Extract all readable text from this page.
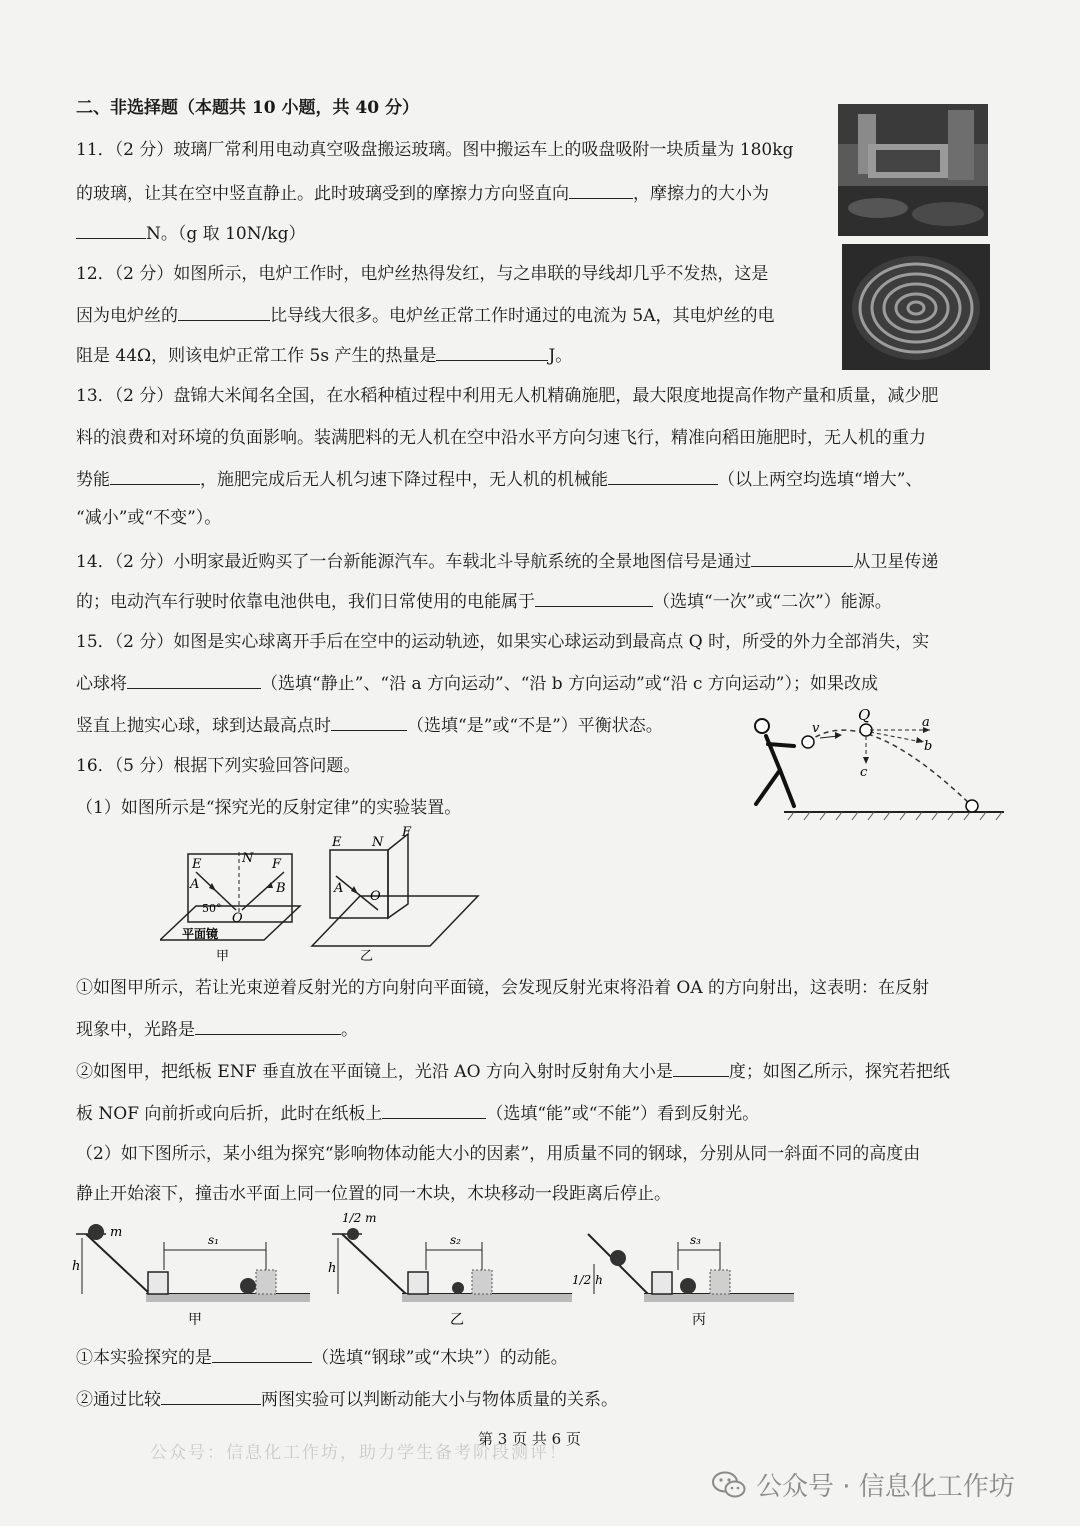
二、非选择题（本题共 10 小题，共 40 分）
11．（2 分）玻璃厂常利用电动真空吸盘搬运玻璃。图中搬运车上的吸盘吸附一块质量为 180kg
的玻璃，让其在空中竖直静止。此时玻璃受到的摩擦力方向竖直向	，摩擦力的大小为
N。（g 取 10N/kg）
12．（2 分）如图所示，电炉工作时，电炉丝热得发红，与之串联的导线却几乎不发热，这是
因为电炉丝的	比导线大很多。电炉丝正常工作时通过的电流为 5A，其电炉丝的电
阻是 44Ω，则该电炉正常工作 5s 产生的热量是	J。
13．（2 分）盘锦大米闻名全国，在水稻种植过程中利用无人机精确施肥，最大限度地提高作物产量和质量，减少肥
料的浪费和对环境的负面影响。装满肥料的无人机在空中沿水平方向匀速飞行，精准向稻田施肥时，无人机的重力
势能	，施肥完成后无人机匀速下降过程中，无人机的机械能	（以上两空均选填“增大”、
“减小”或“不变”）。
14．（2 分）小明家最近购买了一台新能源汽车。车载北斗导航系统的全景地图信号是通过	从卫星传递
的；电动汽车行驶时依靠电池供电，我们日常使用的电能属于	（选填“一次”或“二次”）能源。
15．（2 分）如图是实心球离开手后在空中的运动轨迹，如果实心球运动到最高点 Q 时，所受的外力全部消失，实
心球将	（选填“静止”、“沿 a 方向运动”、“沿 b 方向运动”或“沿 c 方向运动”）；如果改成
竖直上抛实心球，球到达最高点时	（选填“是”或“不是”）平衡状态。
Q
v	a
b
c
16．（5 分）根据下列实验回答问题。
（1）如图所示是“探究光的反射定律”的实验装置。
E	N F
A	B
O
50°
平面镜
甲
E N
F
A
O
乙
①如图甲所示，若让光束逆着反射光的方向射向平面镜，会发现反射光束将沿着 OA 的方向射出，这表明：在反射
现象中，光路是	。
②如图甲，把纸板 ENF 垂直放在平面镜上，光沿 AO 方向入射时反射角大小是	度；如图乙所示，探究若把纸
板 NOF 向前折或向后折，此时在纸板上	（选填“能”或“不能”）看到反射光。
（2）如下图所示，某小组为探究“影响物体动能大小的因素”，用质量不同的钢球，分别从同一斜面不同的高度由
静止开始滚下，撞击水平面上同一位置的同一木块，木块移动一段距离后停止。
m
h
s₁
甲
1/2 m
h
s₂
乙
1/2 h
s₃
丙
①本实验探究的是	（选填“钢球”或“木块”）的动能。
②通过比较	两图实验可以判断动能大小与物体质量的关系。
第 3 页 共 6 页
公众号：信息化工作坊，助力学生备考阶段测评！
公众号 · 信息化工作坊
